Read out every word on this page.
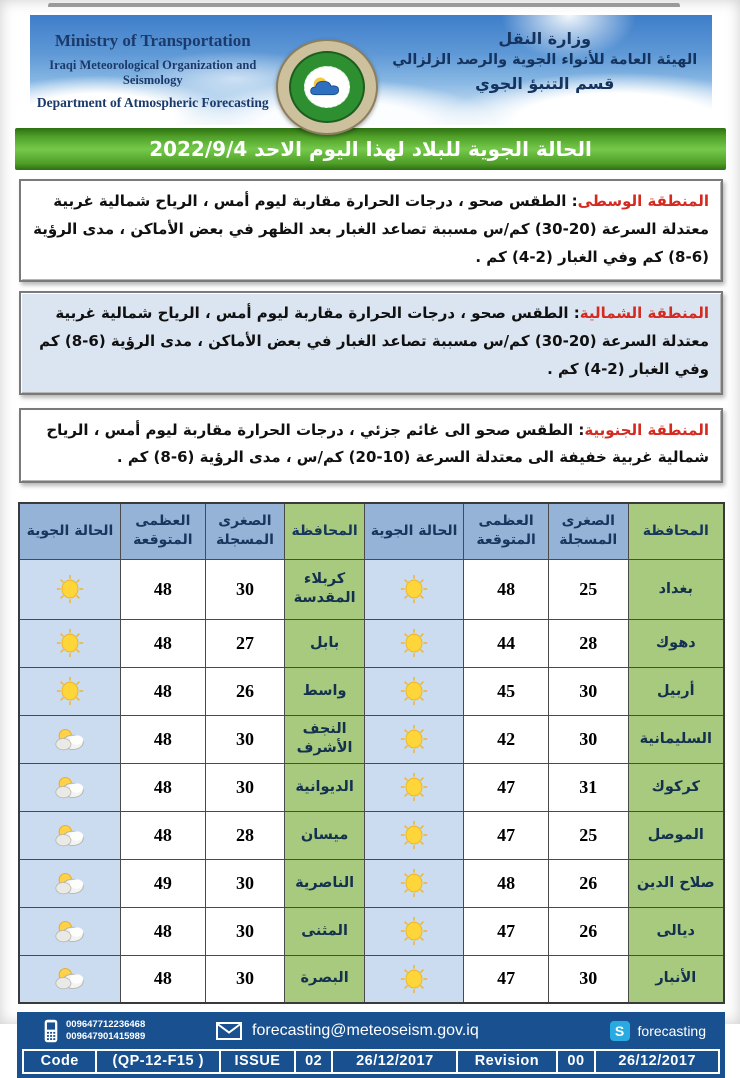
Ministry of Transportation
Iraqi Meteorological Organization and Seismology
Department of Atmospheric Forecasting
وزارة النقل
الهيئة العامة للأنواء الجوية والرصد الزلزالي
قسم التنبؤ الجوي
الحالة الجوية للبلاد لهذا اليوم الاحد 2022/9/4
المنطقة الوسطى: الطقس صحو ، درجات الحرارة مقاربة ليوم أمس ، الرياح شمالية غربية معتدلة السرعة (20-30) كم/س مسببة تصاعد الغبار بعد الظهر في بعض الأماكن ، مدى الرؤية (6-8) كم وفي الغبار (2-4) كم .
المنطقة الشمالية: الطقس صحو ، درجات الحرارة مقاربة ليوم أمس ، الرياح شمالية غربية معتدلة السرعة (20-30) كم/س مسببة تصاعد الغبار في بعض الأماكن ، مدى الرؤية (6-8) كم وفي الغبار (2-4) كم .
المنطقة الجنوبية: الطقس صحو الى غائم جزئي ، درجات الحرارة مقاربة ليوم أمس ، الرياح شمالية غربية خفيفة الى معتدلة السرعة (10-20) كم/س ، مدى الرؤية (6-8) كم .
الحالة الجوية	العظمى المتوقعة	الصغرى المسجلة	المحافظة	الحالة الجوية	العظمى المتوقعة	الصغرى المسجلة	المحافظة
	48	30	كربلاء المقدسة		48	25	بغداد
	48	27	بابل		44	28	دهوك
	48	26	واسط		45	30	أربيل
	48	30	النجف الأشرف		42	30	السليمانية
	48	30	الديوانية		47	31	كركوك
	48	28	ميسان		47	25	الموصل
	49	30	الناصرية		48	26	صلاح الدين
	48	30	المثنى		47	26	ديالى
	48	30	البصرة		47	30	الأنبار
009647712236468
009647901415989	forecasting@meteoseism.gov.iq S	forecasting
Code	(QP-12-F15 )	ISSUE	02	26/12/2017	Revision	00	26/12/2017
